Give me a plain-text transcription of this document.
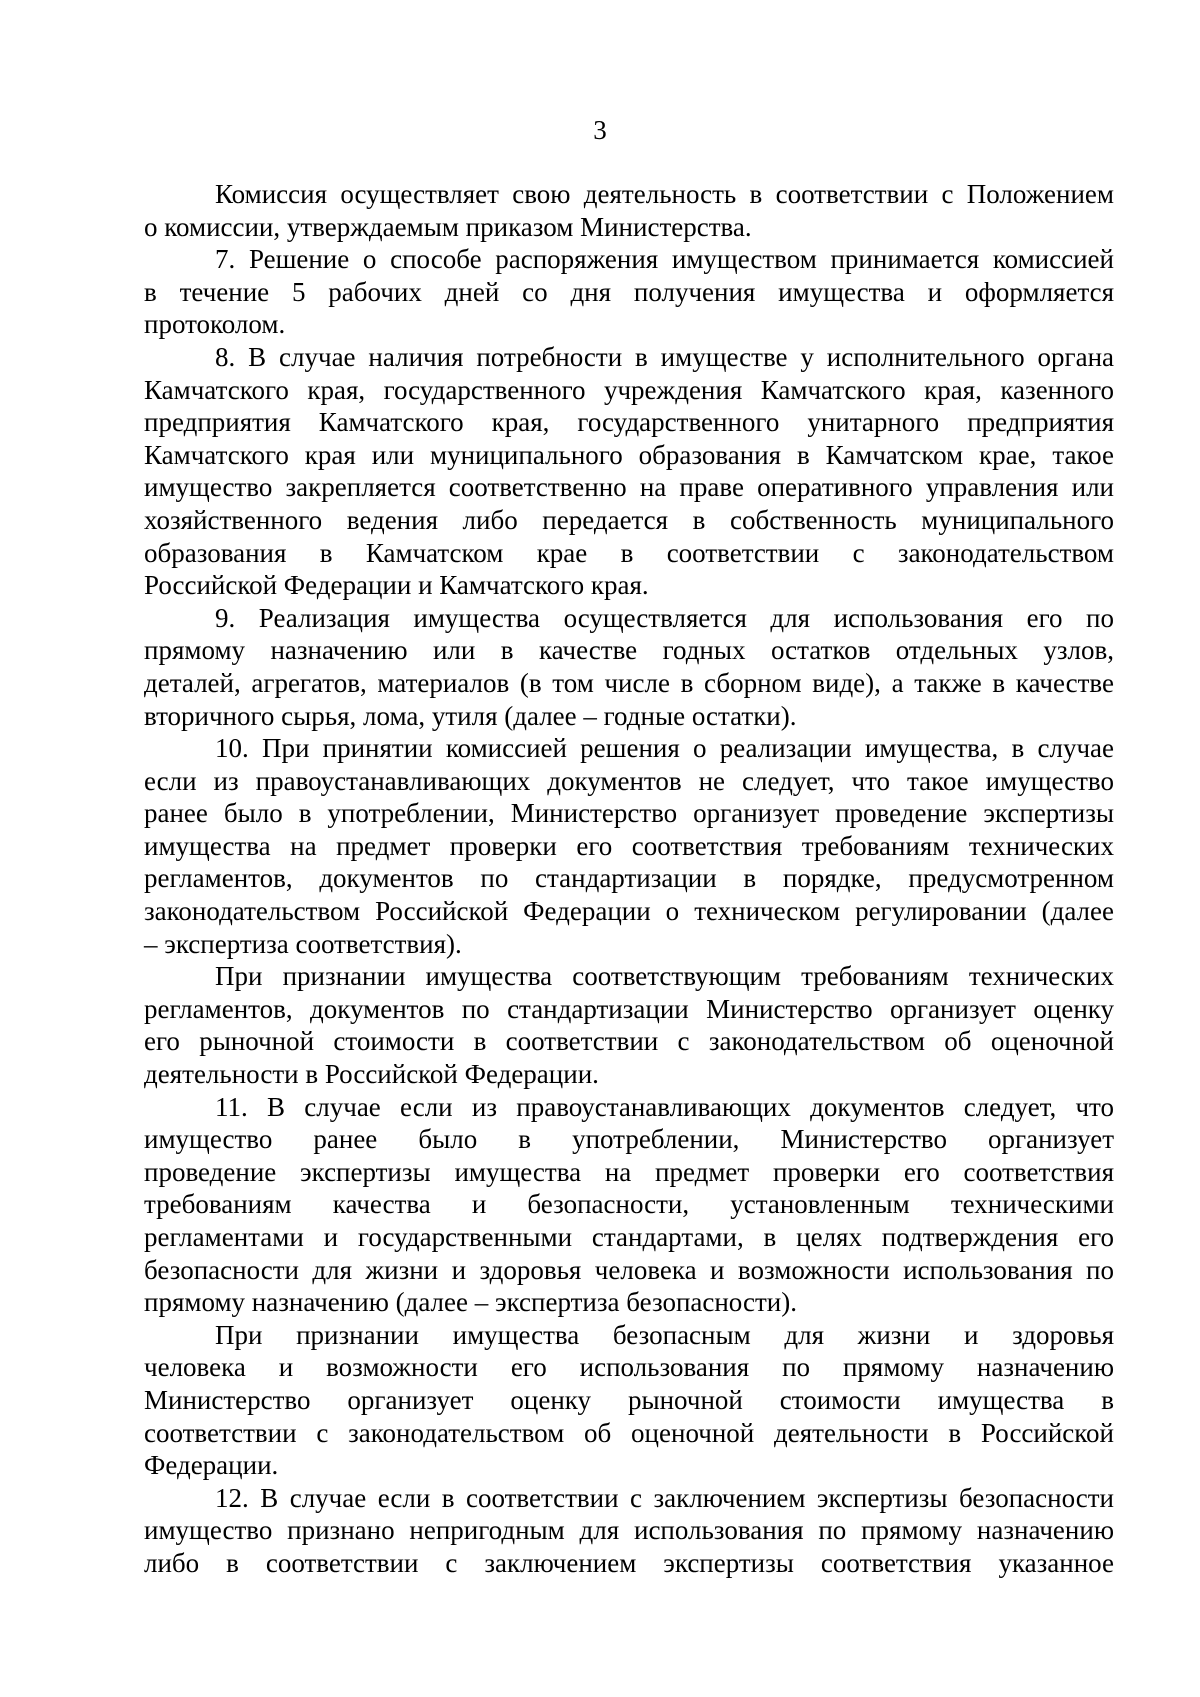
3
Комиссия осуществляет свою деятельность в соответствии с Положением
о комиссии, утверждаемым приказом Министерства.
7. Решение о способе распоряжения имуществом принимается комиссией
в течение 5 рабочих дней со дня получения имущества и оформляется
протоколом.
8. В случае наличия потребности в имуществе у исполнительного органа
Камчатского края, государственного учреждения Камчатского края, казенного
предприятия Камчатского края, государственного унитарного предприятия
Камчатского края или муниципального образования в Камчатском крае, такое
имущество закрепляется соответственно на праве оперативного управления или
хозяйственного ведения либо передается в собственность муниципального
образования в Камчатском крае в соответствии с законодательством
Российской Федерации и Камчатского края.
9. Реализация имущества осуществляется для использования его по
прямому назначению или в качестве годных остатков отдельных узлов,
деталей, агрегатов, материалов (в том числе в сборном виде), а также в качестве
вторичного сырья, лома, утиля (далее – годные остатки).
10. При принятии комиссией решения о реализации имущества, в случае
если из правоустанавливающих документов не следует, что такое имущество
ранее было в употреблении, Министерство организует проведение экспертизы
имущества на предмет проверки его соответствия требованиям технических
регламентов, документов по стандартизации в порядке, предусмотренном
законодательством Российской Федерации о техническом регулировании (далее
– экспертиза соответствия).
При признании имущества соответствующим требованиям технических
регламентов, документов по стандартизации Министерство организует оценку
его рыночной стоимости в соответствии с законодательством об оценочной
деятельности в Российской Федерации.
11. В случае если из правоустанавливающих документов следует, что
имущество ранее было в употреблении, Министерство организует
проведение экспертизы имущества на предмет проверки его соответствия
требованиям качества и безопасности, установленным техническими
регламентами и государственными стандартами, в целях подтверждения его
безопасности для жизни и здоровья человека и возможности использования по
прямому назначению (далее – экспертиза безопасности).
При признании имущества безопасным для жизни и здоровья
человека и возможности его использования по прямому назначению
Министерство организует оценку рыночной стоимости имущества в
соответствии с законодательством об оценочной деятельности в Российской
Федерации.
12. В случае если в соответствии с заключением экспертизы безопасности
имущество признано непригодным для использования по прямому назначению
либо в соответствии с заключением экспертизы соответствия указанное
